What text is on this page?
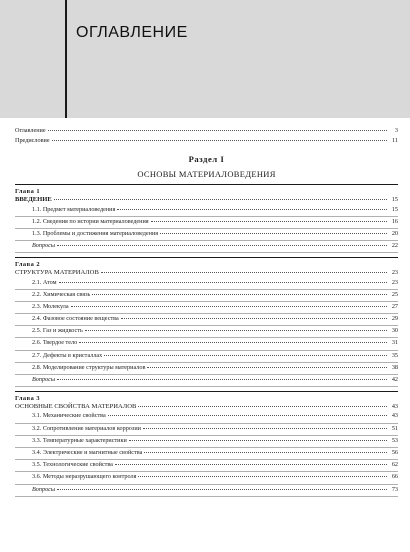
ОГЛАВЛЕНИЕ
Оглавление	3
Предисловие	11
Раздел I
ОСНОВЫ МАТЕРИАЛОВЕДЕНИЯ
Глава 1
ВВЕДЕНИЕ	15
1.1. Предмет материаловедения	15
1.2. Сведения по истории материаловедения	16
1.3. Проблемы и достижения материаловедения	20
Вопросы	22
Глава 2
СТРУКТУРА МАТЕРИАЛОВ	23
2.1. Атом	23
2.2. Химическая связь	25
2.3. Молекула	27
2.4. Фазовое состояние вещества	29
2.5. Газ и жидкость	30
2.6. Твердое тело	31
2.7. Дефекты в кристаллах	35
2.8. Моделирование структуры материалов	38
Вопросы	42
Глава 3
ОСНОВНЫЕ СВОЙСТВА МАТЕРИАЛОВ	43
3.1. Механические свойства	43
3.2. Сопротивление материалов коррозии	51
3.3. Температурные характеристики	53
3.4. Электрические и магнитные свойства	56
3.5. Технологические свойства	62
3.6. Методы неразрушающего контроля	66
Вопросы	73
